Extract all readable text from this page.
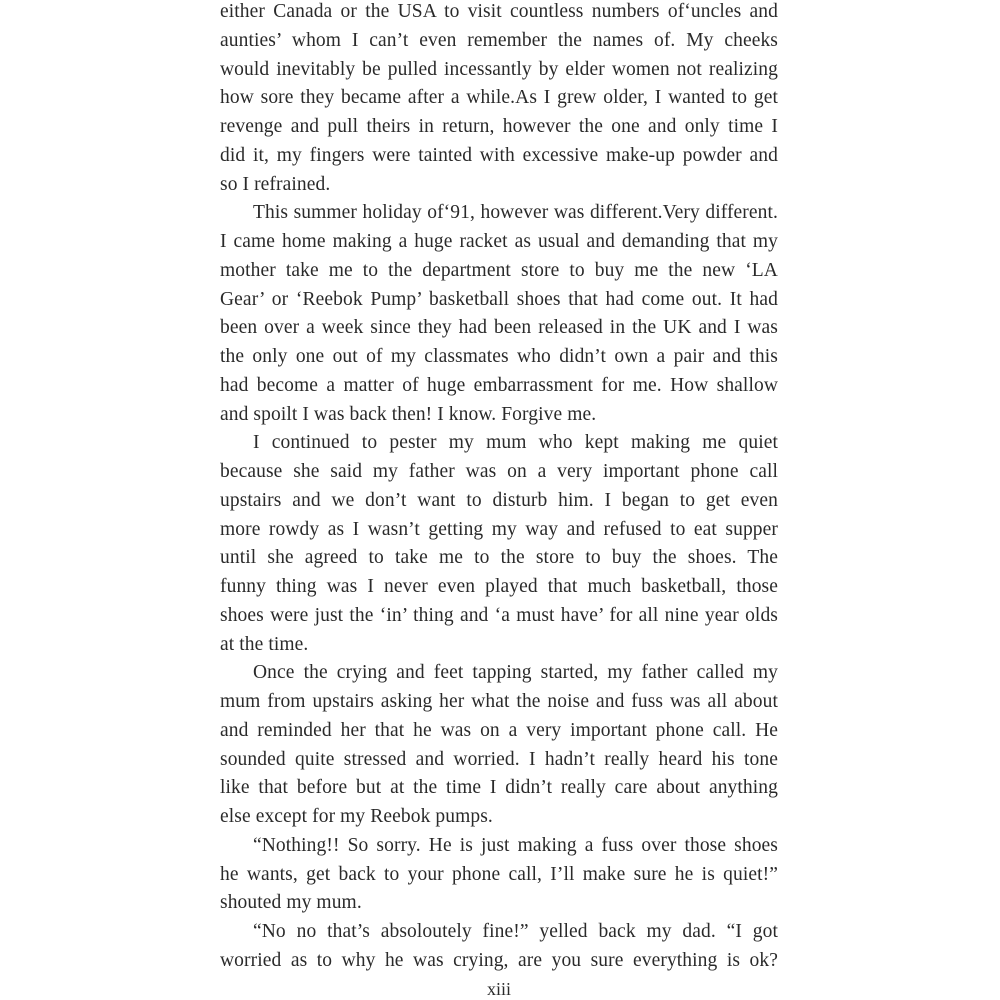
either Canada or the USA to visit countless numbers of‘uncles and
aunties’ whom I can’t even remember the names of. My cheeks
would inevitably be pulled incessantly by elder women not realizing
how sore they became after a while.As I grew older, I wanted to get
revenge and pull theirs in return, however the one and only time I
did it, my fingers were tainted with excessive make-up powder and
so I refrained.

This summer holiday of‘91, however was different.Very different.
I came home making a huge racket as usual and demanding that my
mother take me to the department store to buy me the new ‘LA
Gear’ or ‘Reebok Pump’ basketball shoes that had come out. It had
been over a week since they had been released in the UK and I was
the only one out of my classmates who didn’t own a pair and this
had become a matter of huge embarrassment for me. How shallow
and spoilt I was back then! I know. Forgive me.

I continued to pester my mum who kept making me quiet
because she said my father was on a very important phone call
upstairs and we don’t want to disturb him. I began to get even
more rowdy as I wasn’t getting my way and refused to eat supper
until she agreed to take me to the store to buy the shoes. The
funny thing was I never even played that much basketball, those
shoes were just the ‘in’ thing and ‘a must have’ for all nine year olds
at the time.

Once the crying and feet tapping started, my father called my
mum from upstairs asking her what the noise and fuss was all about
and reminded her that he was on a very important phone call. He
sounded quite stressed and worried. I hadn’t really heard his tone
like that before but at the time I didn’t really care about anything
else except for my Reebok pumps.

“Nothing!! So sorry. He is just making a fuss over those shoes
he wants, get back to your phone call, I’ll make sure he is quiet!”
shouted my mum.

“No no that’s absoloutely fine!” yelled back my dad. “I got
worried as to why he was crying, are you sure everything is ok?

xiii
